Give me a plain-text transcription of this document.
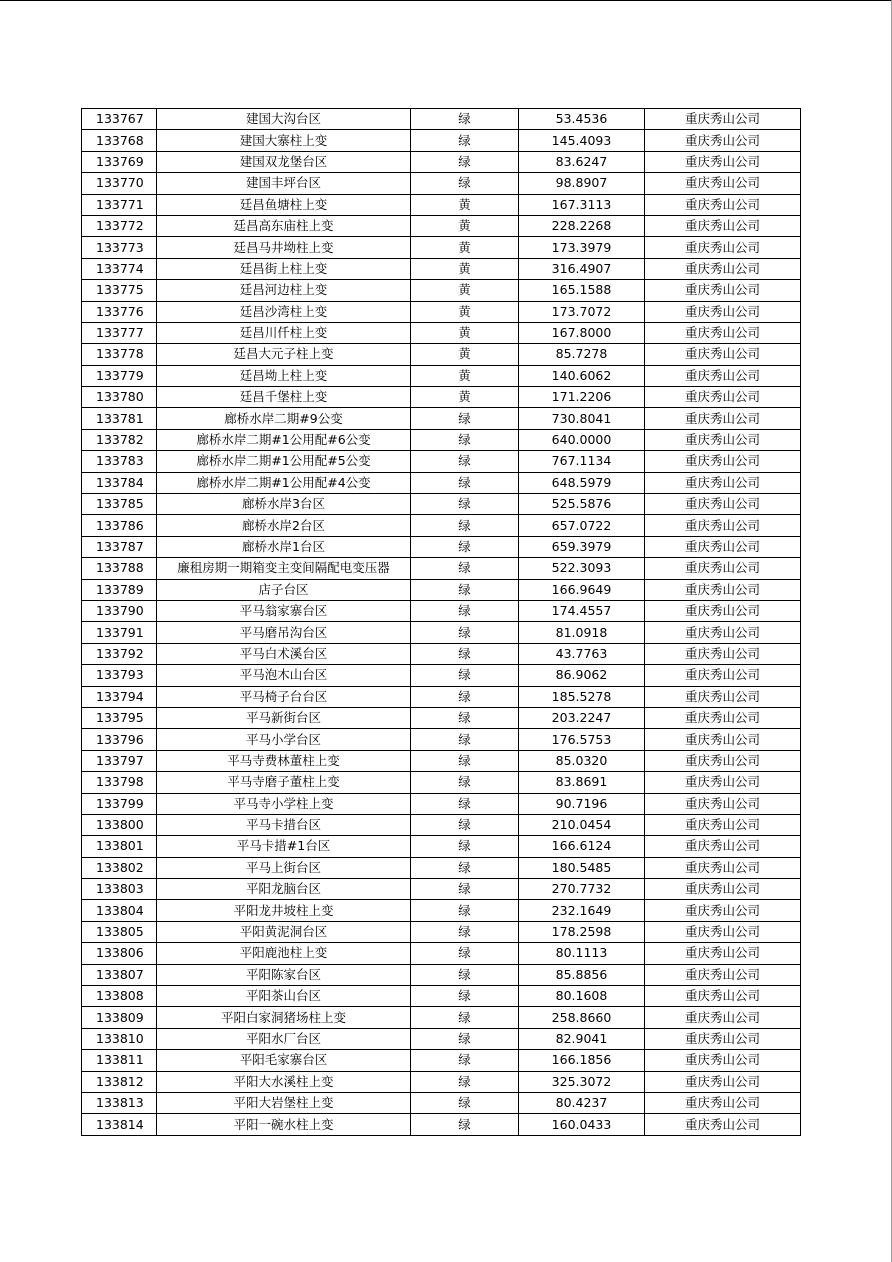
133767	建国大沟台区	绿	53.4536	重庆秀山公司
133768	建国大寨柱上变	绿	145.4093	重庆秀山公司
133769	建国双龙堡台区	绿	83.6247	重庆秀山公司
133770	建国丰坪台区	绿	98.8907	重庆秀山公司
133771	廷昌鱼塘柱上变	黄	167.3113	重庆秀山公司
133772	廷昌高东庙柱上变	黄	228.2268	重庆秀山公司
133773	廷昌马井坳柱上变	黄	173.3979	重庆秀山公司
133774	廷昌街上柱上变	黄	316.4907	重庆秀山公司
133775	廷昌河边柱上变	黄	165.1588	重庆秀山公司
133776	廷昌沙湾柱上变	黄	173.7072	重庆秀山公司
133777	廷昌川仟柱上变	黄	167.8000	重庆秀山公司
133778	廷昌大元子柱上变	黄	85.7278	重庆秀山公司
133779	廷昌坳上柱上变	黄	140.6062	重庆秀山公司
133780	廷昌千堡柱上变	黄	171.2206	重庆秀山公司
133781	廊桥水岸二期#9公变	绿	730.8041	重庆秀山公司
133782	廊桥水岸二期#1公用配#6公变	绿	640.0000	重庆秀山公司
133783	廊桥水岸二期#1公用配#5公变	绿	767.1134	重庆秀山公司
133784	廊桥水岸二期#1公用配#4公变	绿	648.5979	重庆秀山公司
133785	廊桥水岸3台区	绿	525.5876	重庆秀山公司
133786	廊桥水岸2台区	绿	657.0722	重庆秀山公司
133787	廊桥水岸1台区	绿	659.3979	重庆秀山公司
133788	廉租房期一期箱变主变间隔配电变压器	绿	522.3093	重庆秀山公司
133789	店子台区	绿	166.9649	重庆秀山公司
133790	平马翁家寨台区	绿	174.4557	重庆秀山公司
133791	平马磨吊沟台区	绿	81.0918	重庆秀山公司
133792	平马白术溪台区	绿	43.7763	重庆秀山公司
133793	平马泡木山台区	绿	86.9062	重庆秀山公司
133794	平马椅子台台区	绿	185.5278	重庆秀山公司
133795	平马新街台区	绿	203.2247	重庆秀山公司
133796	平马小学台区	绿	176.5753	重庆秀山公司
133797	平马寺费林董柱上变	绿	85.0320	重庆秀山公司
133798	平马寺磨子董柱上变	绿	83.8691	重庆秀山公司
133799	平马寺小学柱上变	绿	90.7196	重庆秀山公司
133800	平马卡措台区	绿	210.0454	重庆秀山公司
133801	平马卡措#1台区	绿	166.6124	重庆秀山公司
133802	平马上街台区	绿	180.5485	重庆秀山公司
133803	平阳龙脑台区	绿	270.7732	重庆秀山公司
133804	平阳龙井坡柱上变	绿	232.1649	重庆秀山公司
133805	平阳黄泥洞台区	绿	178.2598	重庆秀山公司
133806	平阳鹿池柱上变	绿	80.1113	重庆秀山公司
133807	平阳陈家台区	绿	85.8856	重庆秀山公司
133808	平阳茶山台区	绿	80.1608	重庆秀山公司
133809	平阳白家洞猪场柱上变	绿	258.8660	重庆秀山公司
133810	平阳水厂台区	绿	82.9041	重庆秀山公司
133811	平阳毛家寨台区	绿	166.1856	重庆秀山公司
133812	平阳大水溪柱上变	绿	325.3072	重庆秀山公司
133813	平阳大岩堡柱上变	绿	80.4237	重庆秀山公司
133814	平阳一碗水柱上变	绿	160.0433	重庆秀山公司
